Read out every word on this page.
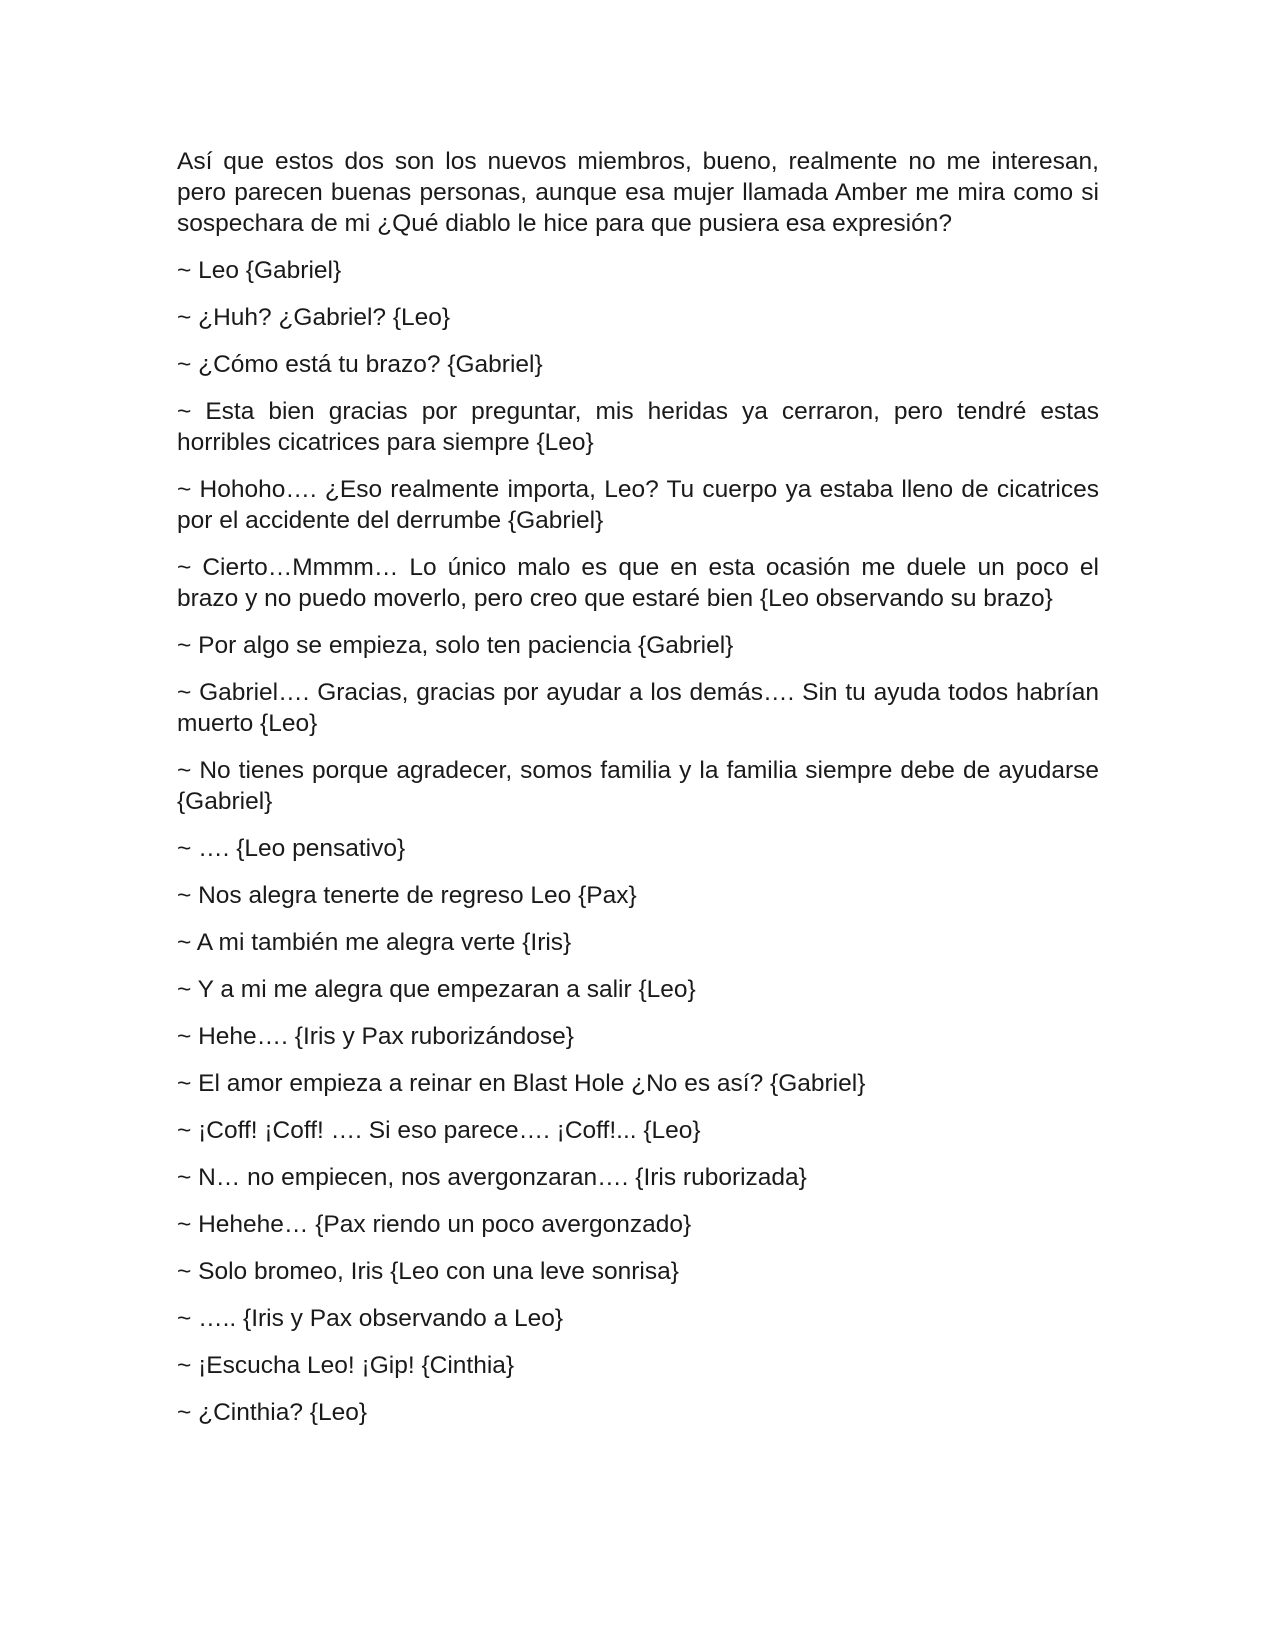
Así que estos dos son los nuevos miembros, bueno, realmente no me interesan, pero parecen buenas personas, aunque esa mujer llamada Amber me mira como si sospechara de mi ¿Qué diablo le hice para que pusiera esa expresión?

~ Leo {Gabriel}

~ ¿Huh? ¿Gabriel? {Leo}

~ ¿Cómo está tu brazo? {Gabriel}

~ Esta bien gracias por preguntar, mis heridas ya cerraron, pero tendré estas horribles cicatrices para siempre {Leo}

~ Hohoho…. ¿Eso realmente importa, Leo? Tu cuerpo ya estaba lleno de cicatrices por el accidente del derrumbe {Gabriel}

~ Cierto…Mmmm… Lo único malo es que en esta ocasión me duele un poco el brazo y no puedo moverlo, pero creo que estaré bien {Leo observando su brazo}

~ Por algo se empieza, solo ten paciencia {Gabriel}

~ Gabriel…. Gracias, gracias por ayudar a los demás…. Sin tu ayuda todos habrían muerto {Leo}

~ No tienes porque agradecer, somos familia y la familia siempre debe de ayudarse {Gabriel}

~ …. {Leo pensativo}

~ Nos alegra tenerte de regreso Leo {Pax}

~ A mi también me alegra verte {Iris}

~ Y a mi me alegra que empezaran a salir {Leo}

~ Hehe…. {Iris y Pax ruborizándose}

~ El amor empieza a reinar en Blast Hole ¿No es así? {Gabriel}

~ ¡Coff! ¡Coff! …. Si eso parece…. ¡Coff!... {Leo}

~ N… no empiecen, nos avergonzaran…. {Iris ruborizada}

~ Hehehe… {Pax riendo un poco avergonzado}

~ Solo bromeo, Iris {Leo con una leve sonrisa}

~ ….. {Iris y Pax observando a Leo}

~ ¡Escucha Leo! ¡Gip! {Cinthia}

~ ¿Cinthia? {Leo}
